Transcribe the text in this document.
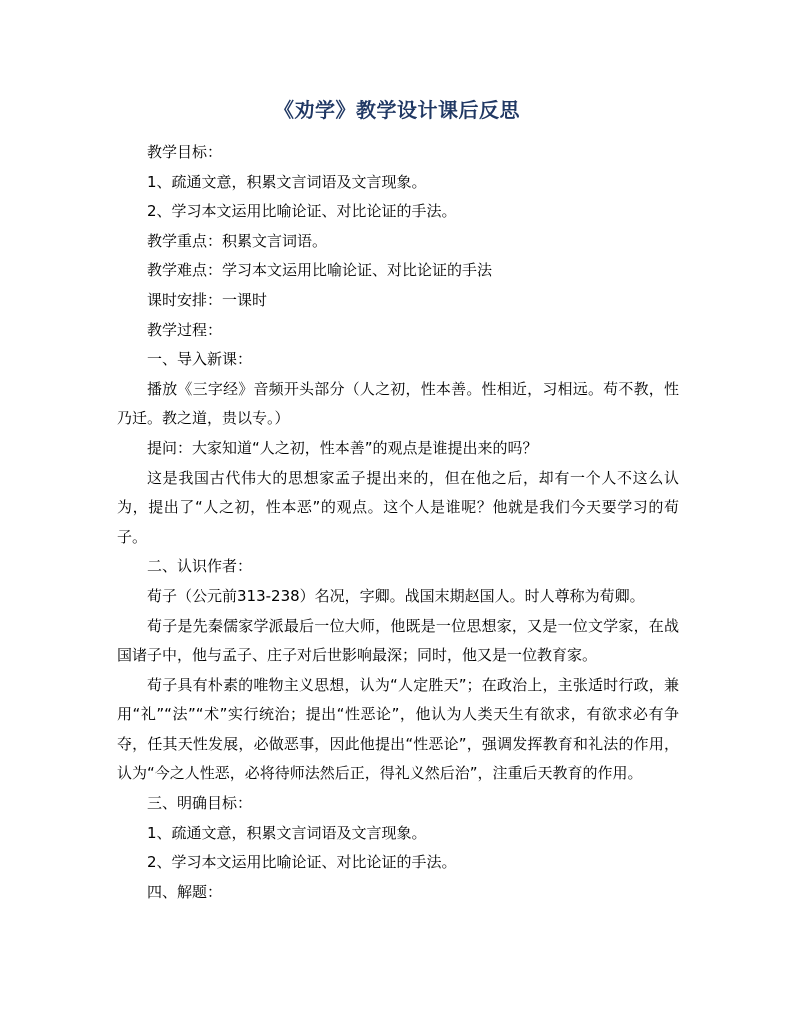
《劝学》教学设计课后反思

教学目标：

1、疏通文意，积累文言词语及文言现象。

2、学习本文运用比喻论证、对比论证的手法。

教学重点：积累文言词语。

教学难点：学习本文运用比喻论证、对比论证的手法

课时安排：一课时

教学过程：

一、导入新课：

播放《三字经》音频开头部分（人之初，性本善。性相近，习相远。苟不教，性乃迁。教之道，贵以专。）

提问：大家知道“人之初，性本善”的观点是谁提出来的吗？

这是我国古代伟大的思想家孟子提出来的，但在他之后，却有一个人不这么认为，提出了“人之初，性本恶”的观点。这个人是谁呢？他就是我们今天要学习的荀子。

二、认识作者：

荀子（公元前313-238）名况，字卿。战国末期赵国人。时人尊称为荀卿。

荀子是先秦儒家学派最后一位大师，他既是一位思想家，又是一位文学家，在战国诸子中，他与孟子、庄子对后世影响最深；同时，他又是一位教育家。

荀子具有朴素的唯物主义思想，认为“人定胜天”；在政治上，主张适时行政，兼用“礼”“法”“术”实行统治；提出“性恶论”，他认为人类天生有欲求，有欲求必有争夺，任其天性发展，必做恶事，因此他提出“性恶论”，强调发挥教育和礼法的作用，认为“今之人性恶，必将待师法然后正，得礼义然后治”，注重后天教育的作用。

三、明确目标：

1、疏通文意，积累文言词语及文言现象。

2、学习本文运用比喻论证、对比论证的手法。

四、解题：
